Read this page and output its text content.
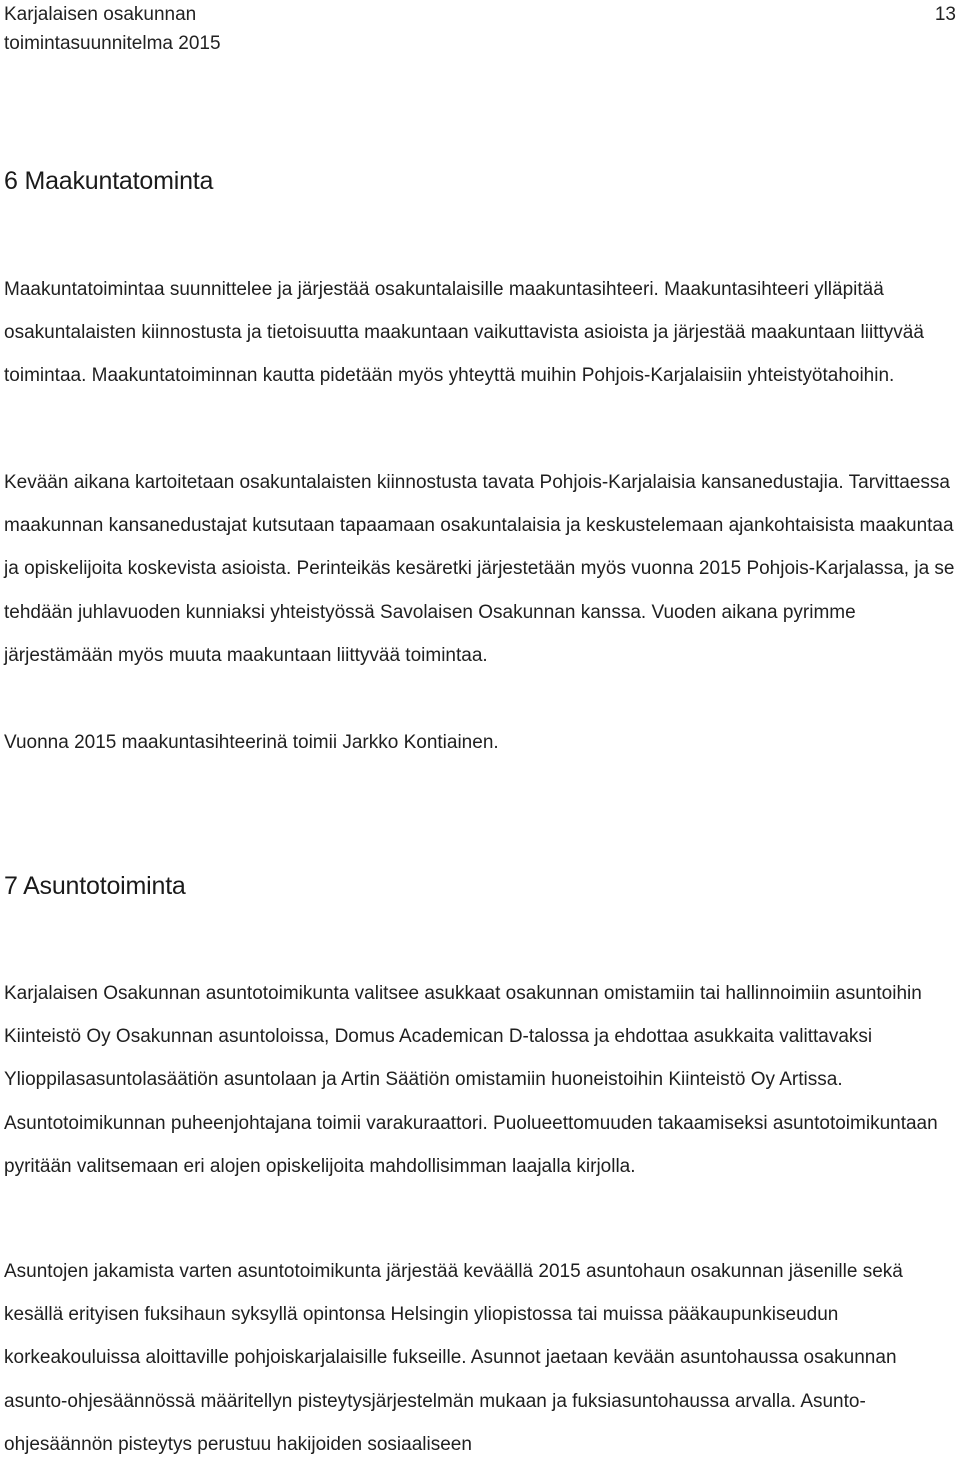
Karjalaisen osakunnan
toimintasuunnitelma 2015
13
6 Maakuntatominta

Maakuntatoimintaa suunnittelee ja järjestää osakuntalaisille maakuntasihteeri. Maakuntasihteeri ylläpitää osakuntalaisten kiinnostusta ja tietoisuutta maakuntaan vaikuttavista asioista ja järjestää maakuntaan liittyvää toimintaa. Maakuntatoiminnan kautta pidetään myös yhteyttä muihin Pohjois-Karjalaisiin yhteistyötahoihin.

Kevään aikana kartoitetaan osakuntalaisten kiinnostusta tavata Pohjois-Karjalaisia kansanedustajia. Tarvittaessa maakunnan kansanedustajat kutsutaan tapaamaan osakuntalaisia ja keskustelemaan ajankohtaisista maakuntaa ja opiskelijoita koskevista asioista. Perinteikäs kesäretki järjestetään myös vuonna 2015 Pohjois-Karjalassa, ja se tehdään juhlavuoden kunniaksi yhteistyössä Savolaisen Osakunnan kanssa. Vuoden aikana pyrimme järjestämään myös muuta maakuntaan liittyvää toimintaa.

Vuonna 2015 maakuntasihteerinä toimii Jarkko Kontiainen.

7 Asuntotoiminta

Karjalaisen Osakunnan asuntotoimikunta valitsee asukkaat osakunnan omistamiin tai hallinnoimiin asuntoihin Kiinteistö Oy Osakunnan asuntoloissa, Domus Academican D-talossa ja ehdottaa asukkaita valittavaksi Ylioppilasasuntolasäätiön asuntolaan ja Artin Säätiön omistamiin huoneistoihin Kiinteistö Oy Artissa. Asuntotoimikunnan puheenjohtajana toimii varakuraattori. Puolueettomuuden takaamiseksi asuntotoimikuntaan pyritään valitsemaan eri alojen opiskelijoita mahdollisimman laajalla kirjolla.

Asuntojen jakamista varten asuntotoimikunta järjestää keväällä 2015 asuntohaun osakunnan jäsenille sekä kesällä erityisen fuksihaun syksyllä opintonsa Helsingin yliopistossa tai muissa pääkaupunkiseudun korkeakouluissa aloittaville pohjoiskarjalaisille fukseille. Asunnot jaetaan kevään asuntohaussa osakunnan asunto-ohjesäännössä määritellyn pisteytysjärjestelmän mukaan ja fuksiasuntohaussa arvalla. Asunto-ohjesäännön pisteytys perustuu hakijoiden sosiaaliseen
